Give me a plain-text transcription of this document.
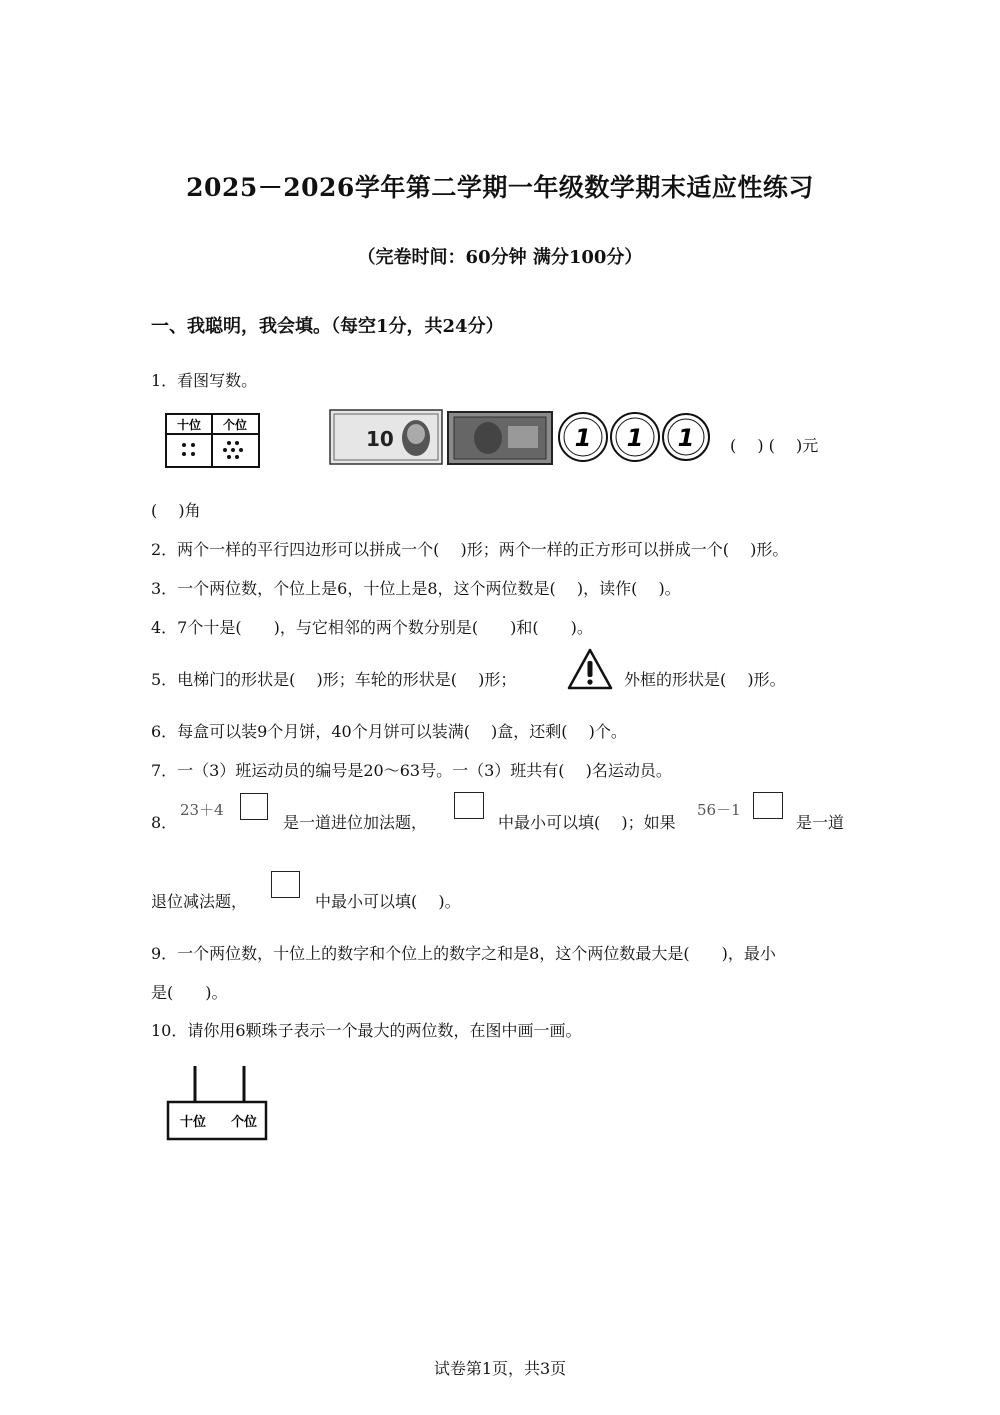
2025－2026学年第二学期一年级数学期末适应性练习
（完卷时间：60分钟 满分100分）
一、我聪明，我会填。（每空1分，共24分）
1．看图写数。
十位 个位
10	1 1 1 (　 ) (　 )元
(　 )角
2．两个一样的平行四边形可以拼成一个(　 )形；两个一样的正方形可以拼成一个(　 )形。
3．一个两位数，个位上是6，十位上是8，这个两位数是(　 )，读作(　 )。
4．7个十是(　　)，与它相邻的两个数分别是(　　)和(　　)。
5．电梯门的形状是(　 )形；车轮的形状是(　 )形；	外框的形状是(　 )形。
6．每盒可以装9个月饼，40个月饼可以装满(　 )盒，还剩(　 )个。
7．一（3）班运动员的编号是20～63号。一（3）班共有(　 )名运动员。
8．
23＋4
是一道进位加法题，	中最小可以填(　 )；如果
56－1
是一道
退位减法题，	中最小可以填(　 )。
9．一个两位数，十位上的数字和个位上的数字之和是8，这个两位数最大是(　　)，最小
是(　　)。
10．请你用6颗珠子表示一个最大的两位数，在图中画一画。
十位 个位
试卷第1页，共3页
